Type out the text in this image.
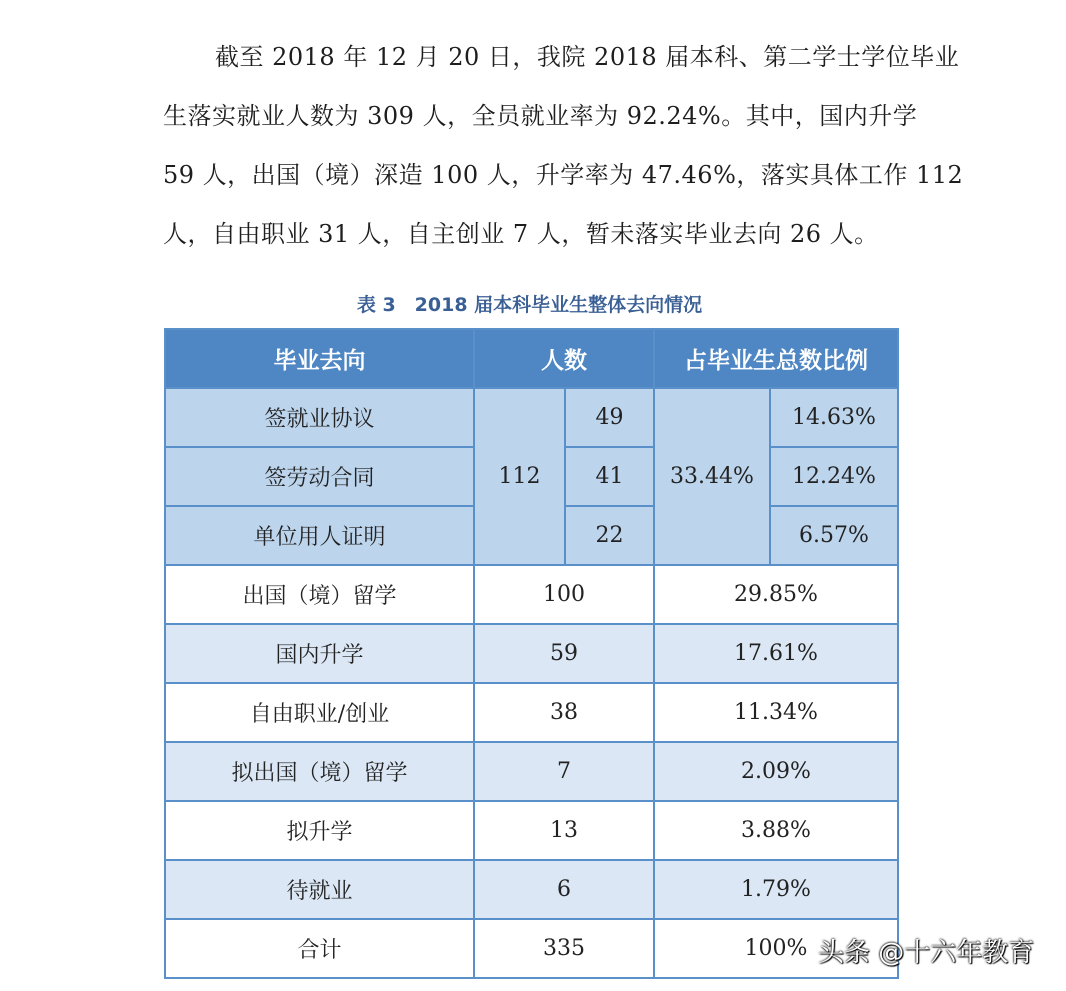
截至 2018 年 12 月 20 日，我院 2018 届本科、第二学士学位毕业
生落实就业人数为 309 人，全员就业率为 92.24%。其中，国内升学
59 人，出国（境）深造 100 人，升学率为 47.46%，落实具体工作 112
人，自由职业 31 人，自主创业 7 人，暂未落实毕业去向 26 人。
表 3　2018 届本科毕业生整体去向情况
毕业去向	人数		占毕业生总数比例	
签就业协议	112	49	33.44%	14.63%
签劳动合同		41		12.24%
单位用人证明		22		6.57%
出国（境）留学	100		29.85%	
国内升学	59		17.61%	
自由职业/创业	38		11.34%	
拟出国（境）留学	7		2.09%	
拟升学	13		3.88%	
待就业	6		1.79%	
合计	335		100%	头条 @十六年教育
